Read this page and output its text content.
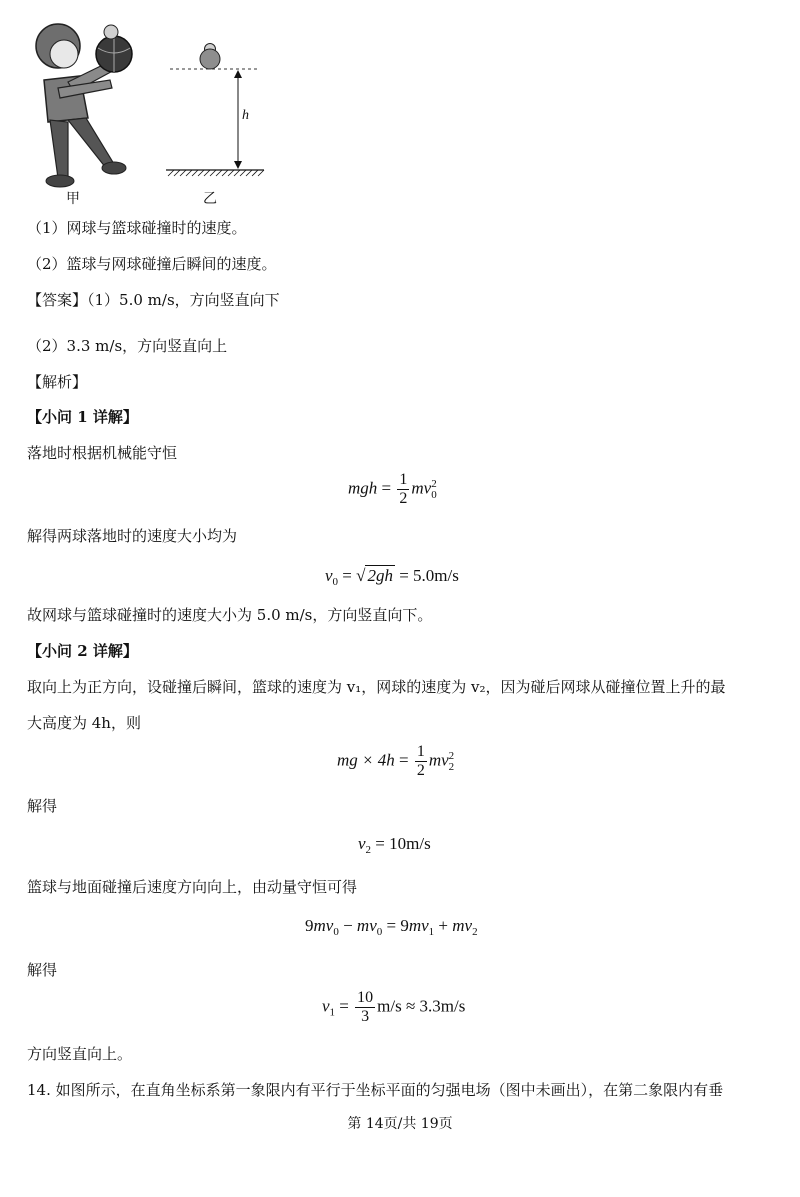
h
甲	乙
（1）网球与篮球碰撞时的速度。
（2）篮球与网球碰撞后瞬间的速度。
【答案】（1）5.0 m/s，方向竖直向下
（2）3.3 m/s，方向竖直向上
【解析】
【小问 1 详解】
落地时根据机械能守恒
mgh = $\frac{1}{2}$ mv 2
0
解得两球落地时的速度大小均为
$v_0$ = √ 2gh = 5.0m/s
故网球与篮球碰撞时的速度大小为 5.0 m/s，方向竖直向下。
【小问 2 详解】
取向上为正方向，设碰撞后瞬间，篮球的速度为 v₁，网球的速度为 v₂，因为碰后网球从碰撞位置上升的最
大高度为 4h，则
mg × $4h = \frac{1}{2}$ mv 2
2
解得
$v_2 = 10m/s$
篮球与地面碰撞后速度方向向上，由动量守恒可得
$9mv_0 - mv_0 = 9mv_1 + mv_2$
解得
$v_1 = \frac{10}{3} m/s \approx 3.3m/s$
方向竖直向上。
14. 如图所示，在直角坐标系第一象限内有平行于坐标平面的匀强电场（图中未画出），在第二象限内有垂
第 14页/共 19页
